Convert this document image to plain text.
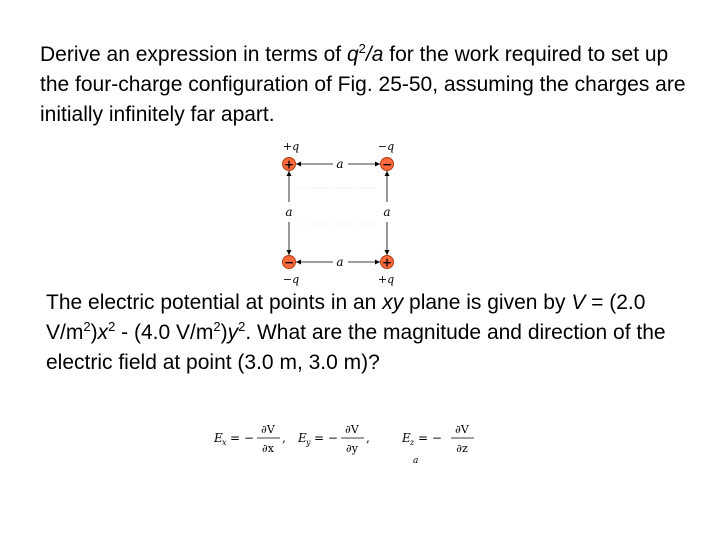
Derive an expression in terms of $q^2/a$ for the work required to set up the four-charge configuration of Fig. 25-50, assuming the charges are initially infinitely far apart.

+	−
−	+
+q	−q
−q	+q
a
a
a	a

The electric potential at points in an xy plane is given by V = (2.0 $V/m^2)x^2 - (4.0$ $V/m^2)y^2$. What are the magnitude and direction of the electric field at point (3.0 m, 3.0 m)?

E x = −
∂V
∂x
, E y = −
∂V
∂y
,	E z = −
∂V
∂z
a
